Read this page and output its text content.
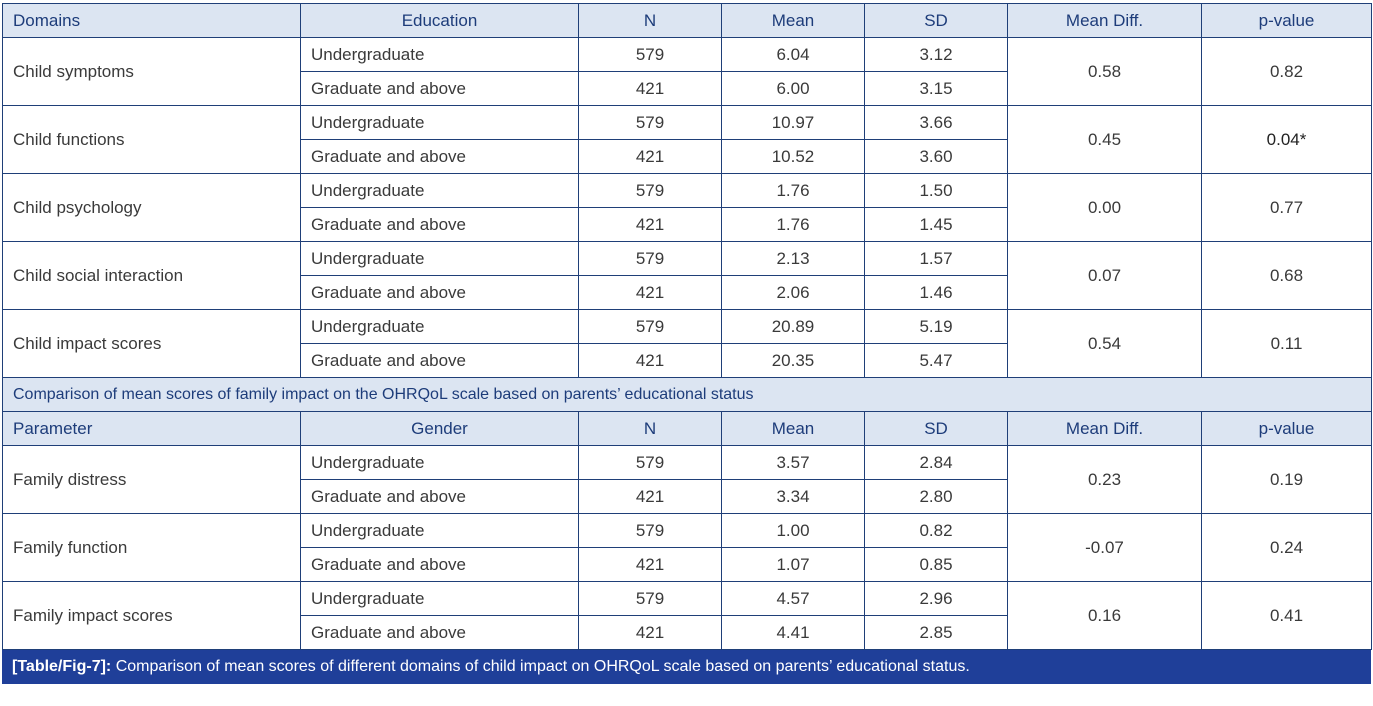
Domains	Education	N	Mean	SD	Mean Diff.	p-value
Child symptoms	Undergraduate	579	6.04	3.12	0.58	0.82
	Graduate and above	421	6.00	3.15		
Child functions	Undergraduate	579	10.97	3.66	0.45	0.04*
	Graduate and above	421	10.52	3.60		
Child psychology	Undergraduate	579	1.76	1.50	0.00	0.77
	Graduate and above	421	1.76	1.45		
Child social interaction	Undergraduate	579	2.13	1.57	0.07	0.68
	Graduate and above	421	2.06	1.46		
Child impact scores	Undergraduate	579	20.89	5.19	0.54	0.11
	Graduate and above	421	20.35	5.47		
Comparison of mean scores of family impact on the OHRQoL scale based on parents’ educational status						
Parameter	Gender	N	Mean	SD	Mean Diff.	p-value
Family distress	Undergraduate	579	3.57	2.84	0.23	0.19
	Graduate and above	421	3.34	2.80		
Family function	Undergraduate	579	1.00	0.82	-0.07	0.24
	Graduate and above	421	1.07	0.85		
Family impact scores	Undergraduate	579	4.57	2.96	0.16	0.41
	Graduate and above	421	4.41	2.85		
[Table/Fig-7]: Comparison of mean scores of different domains of child impact on OHRQoL scale based on parents’ educational status.
